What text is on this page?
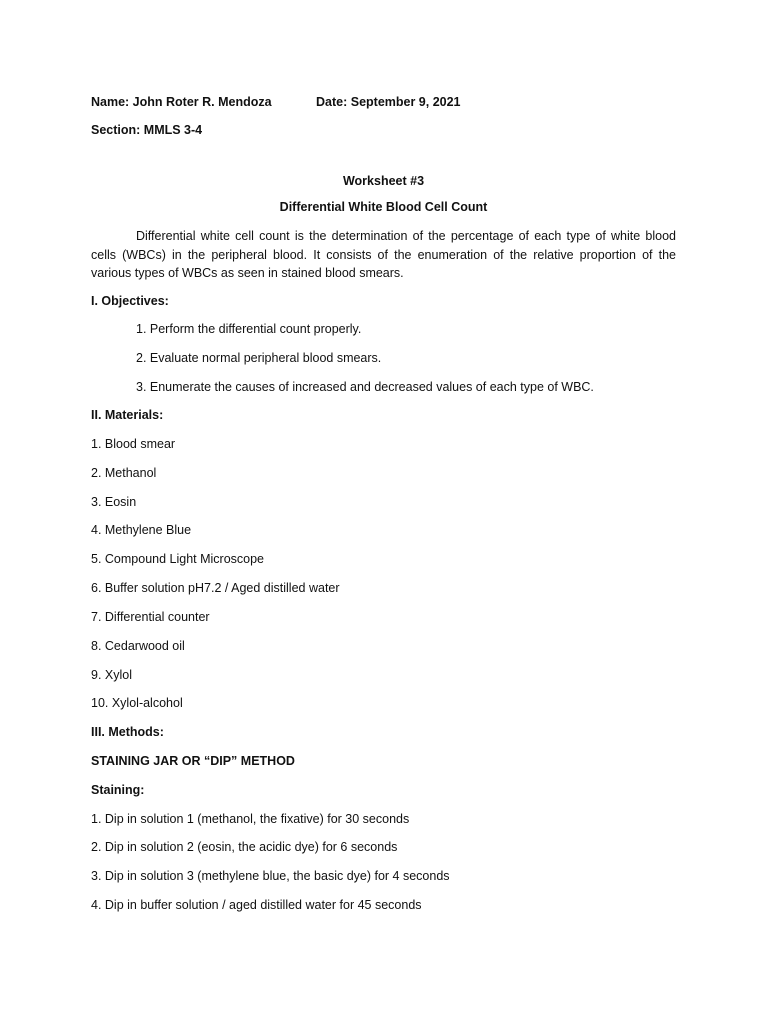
Name: John Roter R. Mendoza	Date: September 9, 2021
Section: MMLS 3-4
Worksheet #3
Differential White Blood Cell Count
Differential white cell count is the determination of the percentage of each type of white blood cells (WBCs) in the peripheral blood. It consists of the enumeration of the relative proportion of the various types of WBCs as seen in stained blood smears.
I. Objectives:
1. Perform the differential count properly.
2. Evaluate normal peripheral blood smears.
3. Enumerate the causes of increased and decreased values of each type of WBC.
II. Materials:
1. Blood smear
2. Methanol
3. Eosin
4. Methylene Blue
5. Compound Light Microscope
6. Buffer solution pH7.2 / Aged distilled water
7. Differential counter
8. Cedarwood oil
9. Xylol
10. Xylol-alcohol
III. Methods:
STAINING JAR OR “DIP” METHOD
Staining:
1. Dip in solution 1 (methanol, the fixative) for 30 seconds
2. Dip in solution 2 (eosin, the acidic dye) for 6 seconds
3. Dip in solution 3 (methylene blue, the basic dye) for 4 seconds
4. Dip in buffer solution / aged distilled water for 45 seconds
